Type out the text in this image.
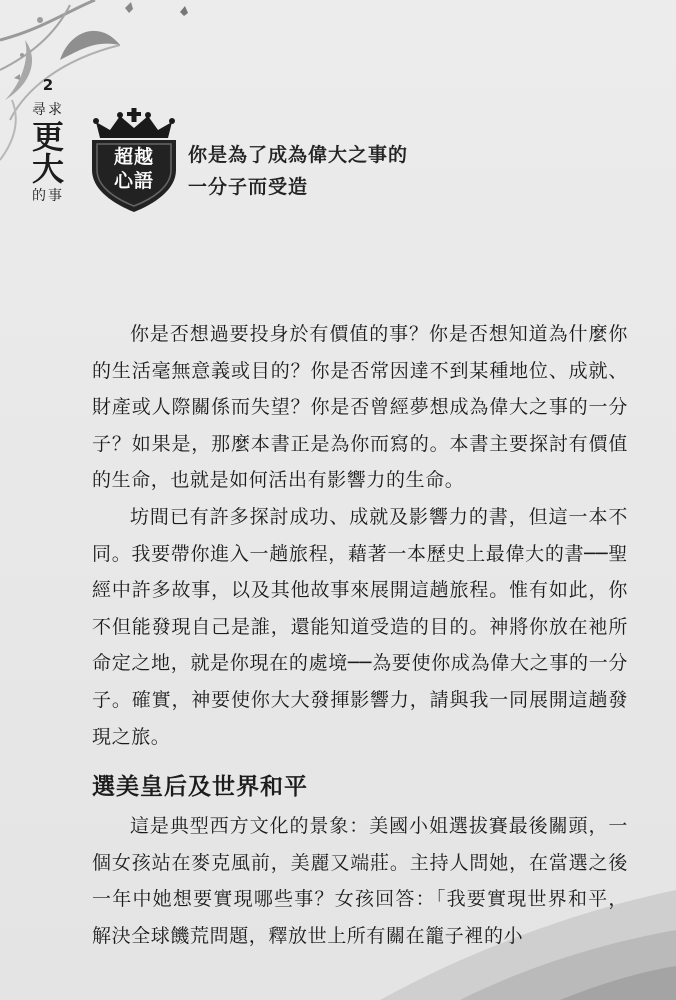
2
尋求
更大
的事
超越
心語
你是為了成為偉大之事的
一分子而受造

你是否想過要投身於有價值的事？你是否想知道為什麼你的生活毫無意義或目的？你是否常因達不到某種地位、成就、財產或人際關係而失望？你是否曾經夢想成為偉大之事的一分子？如果是，那麼本書正是為你而寫的。本書主要探討有價值的生命，也就是如何活出有影響力的生命。

坊間已有許多探討成功、成就及影響力的書，但這一本不同。我要帶你進入一趟旅程，藉著一本歷史上最偉大的書──聖經中許多故事，以及其他故事來展開這趟旅程。惟有如此，你不但能發現自己是誰，還能知道受造的目的。神將你放在祂所命定之地，就是你現在的處境──為要使你成為偉大之事的一分子。確實，神要使你大大發揮影響力，請與我一同展開這趟發現之旅。

選美皇后及世界和平

這是典型西方文化的景象：美國小姐選拔賽最後關頭，一個女孩站在麥克風前，美麗又端莊。主持人問她，在當選之後一年中她想要實現哪些事？女孩回答：「我要實現世界和平，解決全球饑荒問題，釋放世上所有關在籠子裡的小
